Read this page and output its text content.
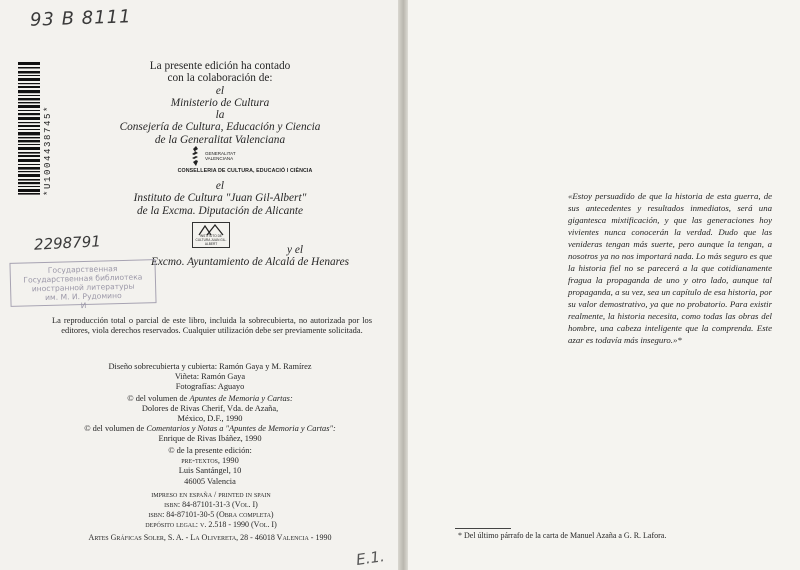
93 B 8111
*U1004438745*
La presente edición ha contado
con la colaboración de:
el
Ministerio de Cultura
la
Consejería de Cultura, Educación y Ciencia
de la Generalitat Valenciana
GENERALITAT VALENCIANA
CONSELLERIA DE CULTURA, EDUCACIÓ I CIÈNCIA
el
Instituto de Cultura "Juan Gil-Albert"
de la Excma. Diputación de Alicante
INSTITUTO DE CULTURA JUAN GIL-ALBERT
2298791	y el
Excmo. Ayuntamiento de Alcalá de Henares
Государственная
Государственная библиотека
иностранной литературы
им. М. И. Рудомино
И
La reproducción total o parcial de este libro, incluida la sobrecubierta, no autorizada por los editores, viola derechos reservados. Cualquier utilización debe ser previamente solicitada.
Diseño sobrecubierta y cubierta: Ramón Gaya y M. Ramírez
Viñeta: Ramón Gaya
Fotografías: Aguayo
© del volumen de Apuntes de Memoria y Cartas:
Dolores de Rivas Cherif, Vda. de Azaña,
México, D.F., 1990
© del volumen de Comentarios y Notas a "Apuntes de Memoria y Cartas":
Enrique de Rivas Ibáñez, 1990
© de la presente edición:
pre-textos, 1990
Luis Santángel, 10
46005 Valencia
impreso en españa / printed in spain
isbn: 84-87101-31-3 (Vol. I)
isbn: 84-87101-30-5 (Obra completa)
depósito legal: v. 2.518 - 1990 (Vol. I)
Artes Gráficas Soler, S. A. - La Olivereta, 28 - 46018 Valencia - 1990
E.1.
«Estoy persuadido de que la historia de esta guerra, de sus antecedentes y resultados inmediatos, será una gigantesca mixtificación, y que las generaciones hoy vivientes nunca conocerán la verdad. Dudo que las venideras tengan más suerte, pero aunque la tengan, a nosotros ya no nos importará nada. Lo más seguro es que la historia fiel no se parecerá a la que cotidianamente fragua la propaganda de uno y otro lado, aunque tal propaganda, a su vez, sea un capítulo de esa historia, por su valor demostrativo, ya que no probatorio. Para existir realmente, la historia necesita, como todas las obras del hombre, una cabeza inteligente que la comprenda. Este azar es todavía más inseguro.»*
* Del último párrafo de la carta de Manuel Azaña a G. R. Lafora.
